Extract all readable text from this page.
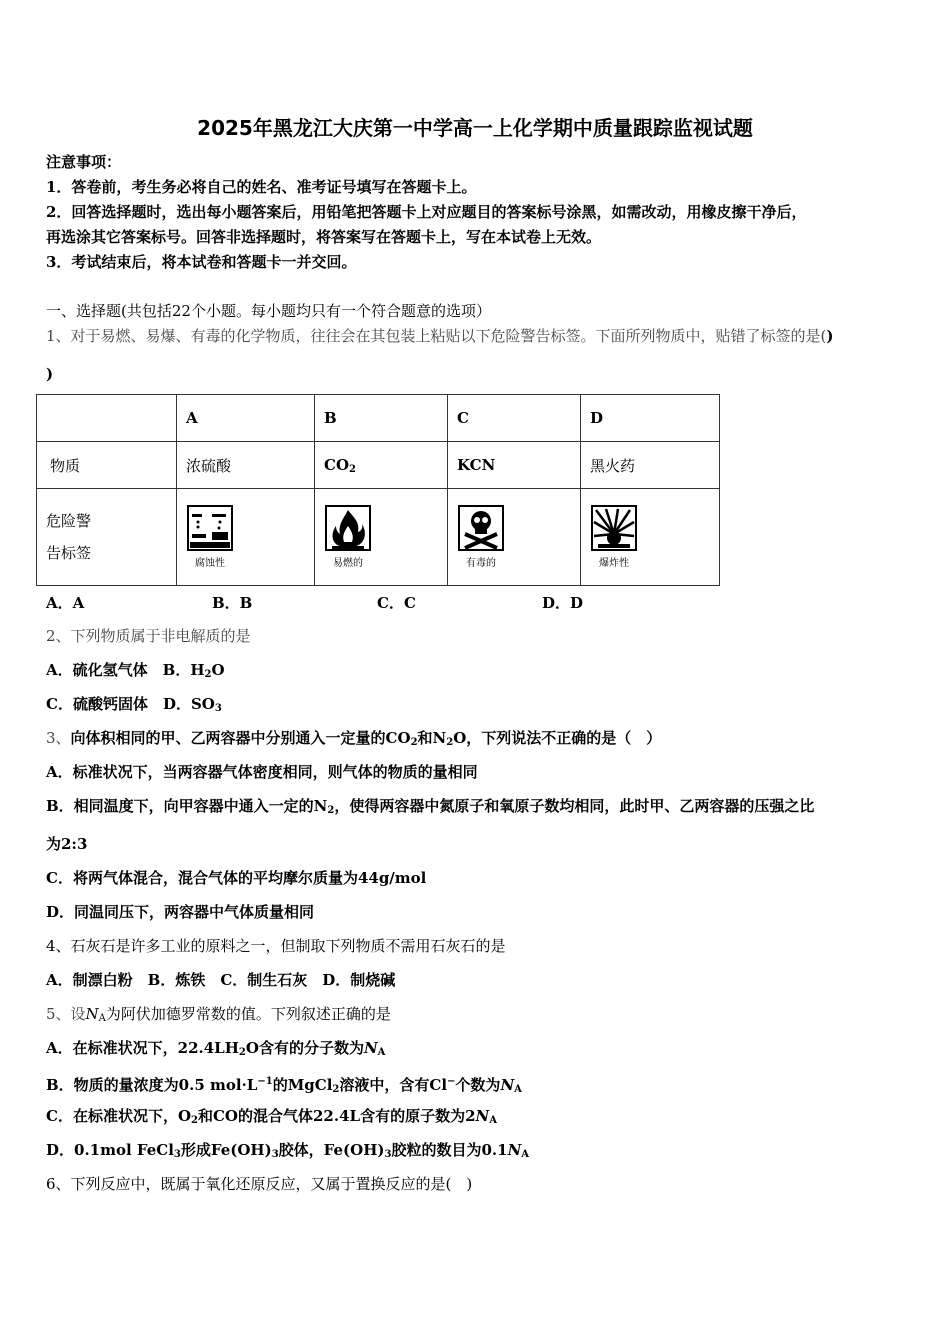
2025年黑龙江大庆第一中学高一上化学期中质量跟踪监视试题
注意事项：
1．答卷前，考生务必将自己的姓名、准考证号填写在答题卡上。
2．回答选择题时，选出每小题答案后，用铅笔把答题卡上对应题目的答案标号涂黑，如需改动，用橡皮擦干净后，
再选涂其它答案标号。回答非选择题时，将答案写在答题卡上，写在本试卷上无效。
3．考试结束后，将本试卷和答题卡一并交回。
一、选择题(共包括22个小题。每小题均只有一个符合题意的选项）
1、对于易燃、易爆、有毒的化学物质，往往会在其包装上粘贴以下危险警告标签。下面所列物质中，贴错了标签的是()
)
	A	B	C	D
物质	浓硫酸	$CO_2$	KCN	黑火药

危险警
告标签	腐蚀性	易燃的	有毒的	爆炸性
A．A	B．B	C．C	D．D
2、下列物质属于非电解质的是
A．硫化氢气体　B．$H_2O$
C．硫酸钙固体　D．$SO_3$
3、向体积相同的甲、乙两容器中分别通入一定量的$CO_2$和$N_2O$，下列说法不正确的是（　）
A．标准状况下，当两容器气体密度相同，则气体的物质的量相同
B．相同温度下，向甲容器中通入一定的$N_2$，使得两容器中氮原子和氧原子数均相同，此时甲、乙两容器的压强之比
为2:3
C．将两气体混合，混合气体的平均摩尔质量为44g/mol
D．同温同压下，两容器中气体质量相同
4、石灰石是许多工业的原料之一，但制取下列物质不需用石灰石的是
A．制漂白粉　B．炼铁　C．制生石灰　D．制烧碱
5、设$N_A$为阿伏加德罗常数的值。下列叙述正确的是
A．在标准状况下，$22.4LH_2O$含有的分子数为$N_A$
B．物质的量浓度为0.5 $mol\cdot L^{-1}$的MgCl$_2$溶液中，含有Cl−个数为$N_A$
C．在标准状况下，$O_2$和CO的混合气体22.4L含有的原子数为$2N_A$
D．0.1mol FeCl$_3$形成$Fe(OH)_3$胶体，$Fe(OH)_3$胶粒的数目为$0.1N_A$
6、下列反应中，既属于氧化还原反应，又属于置换反应的是(　)
